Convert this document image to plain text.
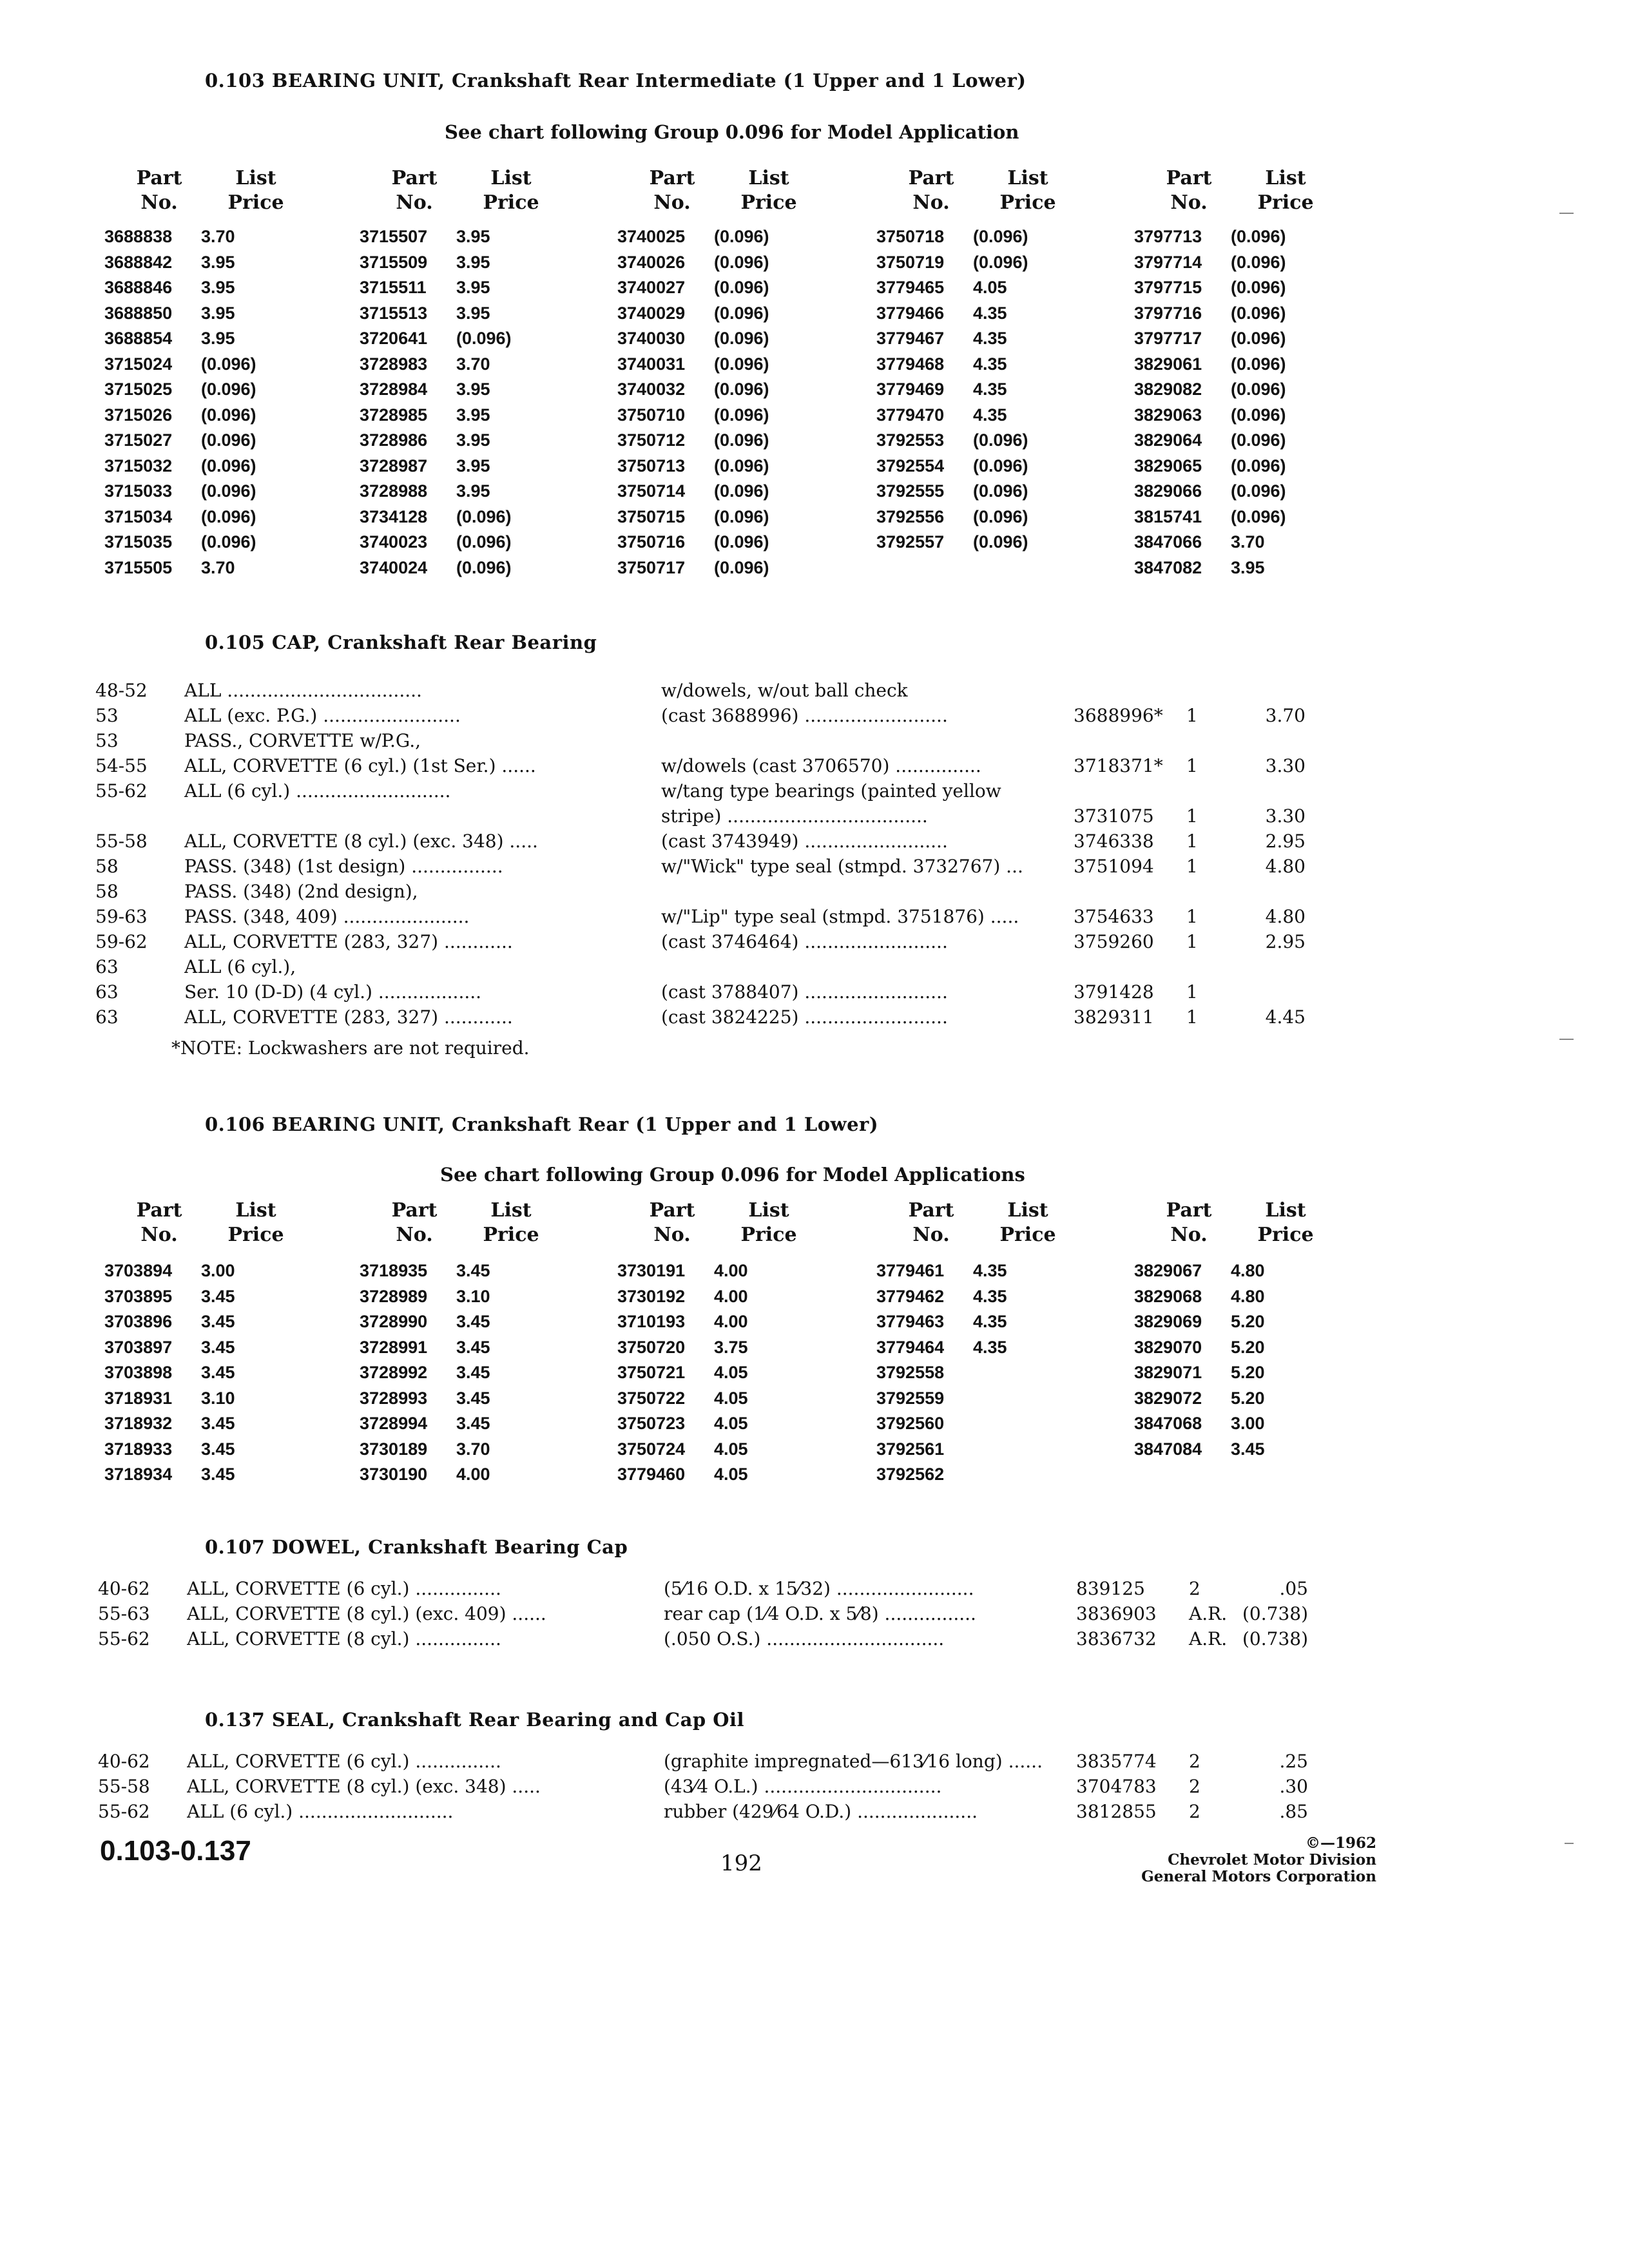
0.103 BEARING UNIT, Crankshaft Rear Intermediate (1 Upper and 1 Lower)
See chart following Group 0.096 for Model Application
Part	List
No.	Price
3688838	3.70
3688842	3.95
3688846	3.95
3688850	3.95
3688854	3.95
3715024	(0.096)
3715025	(0.096)
3715026	(0.096)
3715027	(0.096)
3715032	(0.096)
3715033	(0.096)
3715034	(0.096)
3715035	(0.096)
3715505	3.70
Part	List
No.	Price
3715507	3.95
3715509	3.95
3715511	3.95
3715513	3.95
3720641	(0.096)
3728983	3.70
3728984	3.95
3728985	3.95
3728986	3.95
3728987	3.95
3728988	3.95
3734128	(0.096)
3740023	(0.096)
3740024	(0.096)
Part	List
No.	Price
3740025	(0.096)
3740026	(0.096)
3740027	(0.096)
3740029	(0.096)
3740030	(0.096)
3740031	(0.096)
3740032	(0.096)
3750710	(0.096)
3750712	(0.096)
3750713	(0.096)
3750714	(0.096)
3750715	(0.096)
3750716	(0.096)
3750717	(0.096)
Part	List
No.	Price
3750718	(0.096)
3750719	(0.096)
3779465	4.05
3779466	4.35
3779467	4.35
3779468	4.35
3779469	4.35
3779470	4.35
3792553	(0.096)
3792554	(0.096)
3792555	(0.096)
3792556	(0.096)
3792557	(0.096)
Part	List
No.	Price
3797713	(0.096)
3797714	(0.096)
3797715	(0.096)
3797716	(0.096)
3797717	(0.096)
3829061	(0.096)
3829082	(0.096)
3829063	(0.096)
3829064	(0.096)
3829065	(0.096)
3829066	(0.096)
3815741	(0.096)
3847066	3.70
3847082	3.95
0.105 CAP, Crankshaft Rear Bearing
48-52	ALL ..................................	w/dowels, w/out ball check
53	ALL (exc. P.G.) ........................	(cast 3688996) .........................	3688996*	1	3.70
53	PASS., CORVETTE w/P.G.,
54-55	ALL, CORVETTE (6 cyl.) (1st Ser.) ......	w/dowels (cast 3706570) ...............	3718371*	1	3.30
55-62	ALL (6 cyl.) ...........................	w/tang type bearings (painted yellow
stripe) ...................................	3731075	1	3.30
55-58	ALL, CORVETTE (8 cyl.) (exc. 348) .....	(cast 3743949) .........................	3746338	1	2.95
58	PASS. (348) (1st design) ................	w/"Wick" type seal (stmpd. 3732767) ...	3751094	1	4.80
58	PASS. (348) (2nd design),
59-63	PASS. (348, 409) ......................	w/"Lip" type seal (stmpd. 3751876) .....	3754633	1	4.80
59-62	ALL, CORVETTE (283, 327) ............	(cast 3746464) .........................	3759260	1	2.95
63	ALL (6 cyl.),
63	Ser. 10 (D-D) (4 cyl.) ..................	(cast 3788407) .........................	3791428	1
63	ALL, CORVETTE (283, 327) ............	(cast 3824225) .........................	3829311	1	4.45
*NOTE: Lockwashers are not required.
0.106 BEARING UNIT, Crankshaft Rear (1 Upper and 1 Lower)
See chart following Group 0.096 for Model Applications
Part	List
No.	Price
3703894	3.00
3703895	3.45
3703896	3.45
3703897	3.45
3703898	3.45
3718931	3.10
3718932	3.45
3718933	3.45
3718934	3.45
Part	List
No.	Price
3718935	3.45
3728989	3.10
3728990	3.45
3728991	3.45
3728992	3.45
3728993	3.45
3728994	3.45
3730189	3.70
3730190	4.00
Part	List
No.	Price
3730191	4.00
3730192	4.00
3710193	4.00
3750720	3.75
3750721	4.05
3750722	4.05
3750723	4.05
3750724	4.05
3779460	4.05
Part	List
No.	Price
3779461	4.35
3779462	4.35
3779463	4.35
3779464	4.35
3792558
3792559
3792560
3792561
3792562
Part	List
No.	Price
3829067	4.80
3829068	4.80
3829069	5.20
3829070	5.20
3829071	5.20
3829072	5.20
3847068	3.00
3847084	3.45
0.107 DOWEL, Crankshaft Bearing Cap
40-62	ALL, CORVETTE (6 cyl.) ...............	(5⁄16 O.D. x 15⁄32) ........................	839125	2	.05
55-63	ALL, CORVETTE (8 cyl.) (exc. 409) ......	rear cap (1⁄4 O.D. x 5⁄8) ................	3836903	A.R. (0.738)
55-62	ALL, CORVETTE (8 cyl.) ...............	(.050 O.S.) ...............................	3836732	A.R. (0.738)
0.137 SEAL, Crankshaft Rear Bearing and Cap Oil
40-62	ALL, CORVETTE (6 cyl.) ...............	(graphite impregnated—613⁄16 long) ......	3835774	2	.25
55-58	ALL, CORVETTE (8 cyl.) (exc. 348) .....	(43⁄4 O.L.) ...............................	3704783	2	.30
55-62	ALL (6 cyl.) ...........................	rubber (429⁄64 O.D.) .....................	3812855	2	.85
0.103-0.137	192
©—1962
Chevrolet Motor Division
General Motors Corporation
